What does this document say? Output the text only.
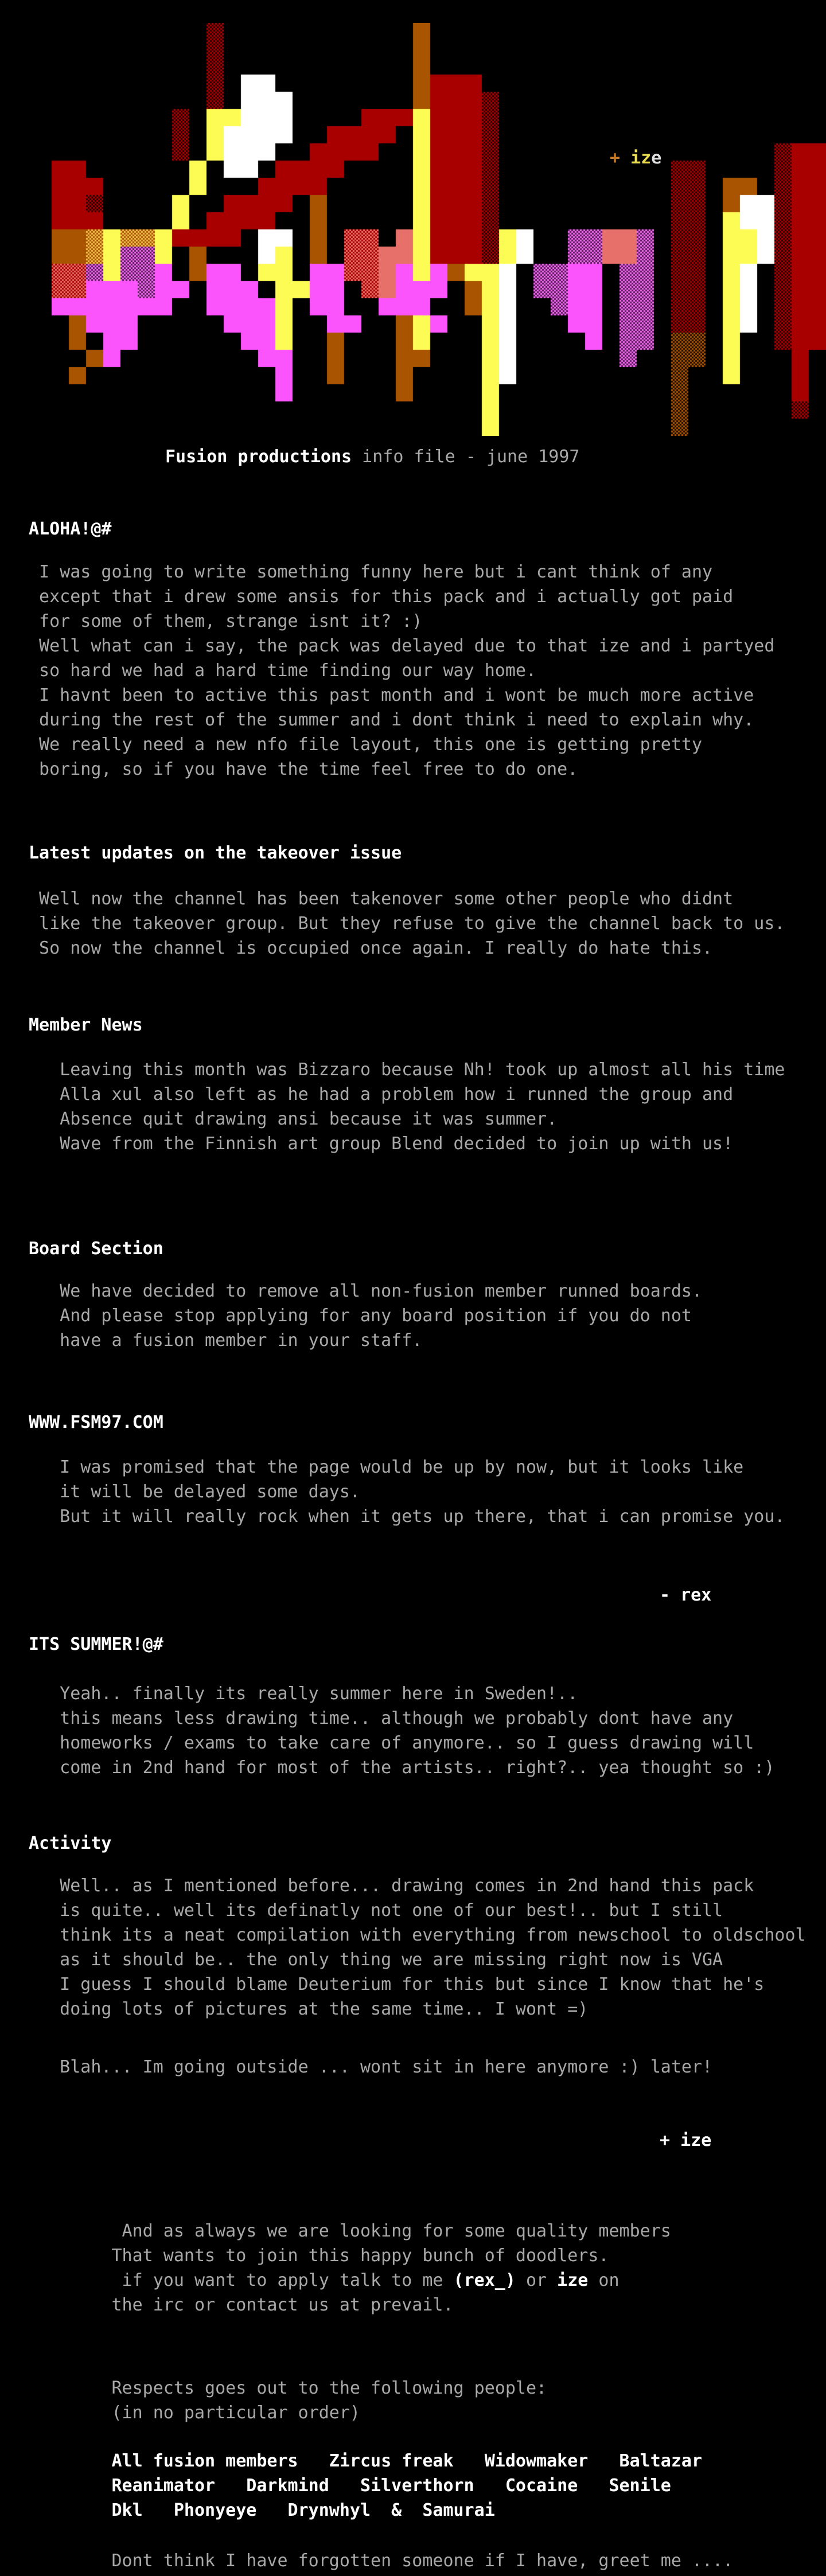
+ ize
Fusion productions info file - june 1997
ALOHA!@#
I was going to write something funny here but i cant think of any
except that i drew some ansis for this pack and i actually got paid
for some of them, strange isnt it? :)
Well what can i say, the pack was delayed due to that ize and i partyed
so hard we had a hard time finding our way home.
I havnt been to active this past month and i wont be much more active
during the rest of the summer and i dont think i need to explain why.
We really need a new nfo file layout, this one is getting pretty
boring, so if you have the time feel free to do one.
Latest updates on the takeover issue
Well now the channel has been takenover some other people who didnt
like the takeover group. But they refuse to give the channel back to us.
So now the channel is occupied once again. I really do hate this.
Member News
Leaving this month was Bizzaro because Nh! took up almost all his time
Alla xul also left as he had a problem how i runned the group and
Absence quit drawing ansi because it was summer.
Wave from the Finnish art group Blend decided to join up with us!
Board Section
We have decided to remove all non-fusion member runned boards.
And please stop applying for any board position if you do not
have a fusion member in your staff.
WWW.FSM97.COM
I was promised that the page would be up by now, but it looks like
it will be delayed some days.
But it will really rock when it gets up there, that i can promise you.
- rex
ITS SUMMER!@#
Yeah.. finally its really summer here in Sweden!..
this means less drawing time.. although we probably dont have any
homeworks / exams to take care of anymore.. so I guess drawing will
come in 2nd hand for most of the artists.. right?.. yea thought so :)
Activity
Well.. as I mentioned before... drawing comes in 2nd hand this pack
is quite.. well its definatly not one of our best!.. but I still
think its a neat compilation with everything from newschool to oldschool
as it should be.. the only thing we are missing right now is VGA
I guess I should blame Deuterium for this but since I know that he's
doing lots of pictures at the same time.. I wont =)
Blah... Im going outside ... wont sit in here anymore :) later!
+ ize
And as always we are looking for some quality members
That wants to join this happy bunch of doodlers.
if you want to apply talk to me (rex_) or ize on
the irc or contact us at prevail.
Respects goes out to the following people:
(in no particular order)
All fusion members   Zircus freak   Widowmaker   Baltazar
Reanimator   Darkmind   Silverthorn   Cocaine   Senile
Dkl   Phonyeye   Drynwhyl  &  Samurai
Dont think I have forgotten someone if I have, greet me ....
